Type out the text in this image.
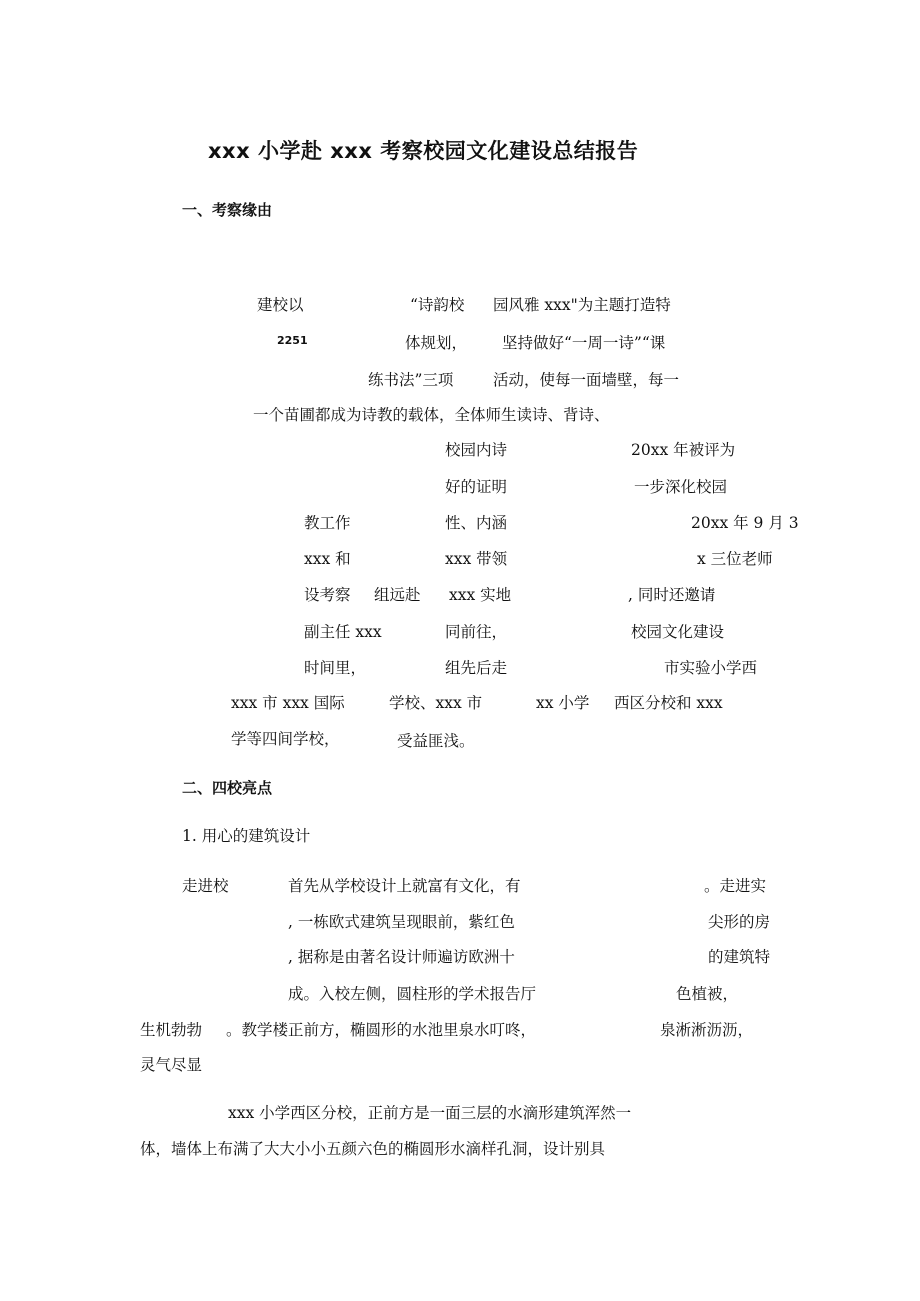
xxx 小学赴 xxx 考察校园文化建设总结报告
一、考察缘由
建校以	“诗韵校 园风雅 xxx"为主题打造特
2251	体规划， 坚持做好“一周一诗”“课
练书法”三项	活动，使每一面墙壁，每一
一个苗圃都成为诗教的载体，全体师生读诗、背诗、
校园内诗	20xx 年被评为
好的证明	一步深化校园
教工作	性、内涵	20xx 年 9 月 3
xxx 和	xxx 带领	x 三位老师
设考察 组远赴 xxx 实地	, 同时还邀请
副主任 xxx	同前往，	校园文化建设
时间里，	组先后走	市实验小学西
xxx 市 xxx 国际	学校、xxx 市	xx 小学 西区分校和 xxx
学等四间学校，	受益匪浅。
二、四校亮点
1. 用心的建筑设计
走进校	首先从学校设计上就富有文化，有	。走进实
, 一栋欧式建筑呈现眼前，紫红色	尖形的房
, 据称是由著名设计师遍访欧洲十	的建筑特
成。入校左侧，圆柱形的学术报告厅	色植被，
生机勃勃 。教学楼正前方，椭圆形的水池里泉水叮咚，	泉淅淅沥沥，
灵气尽显
xxx 小学西区分校，正前方是一面三层的水滴形建筑浑然一
体，墙体上布满了大大小小五颜六色的椭圆形水滴样孔洞，设计别具
